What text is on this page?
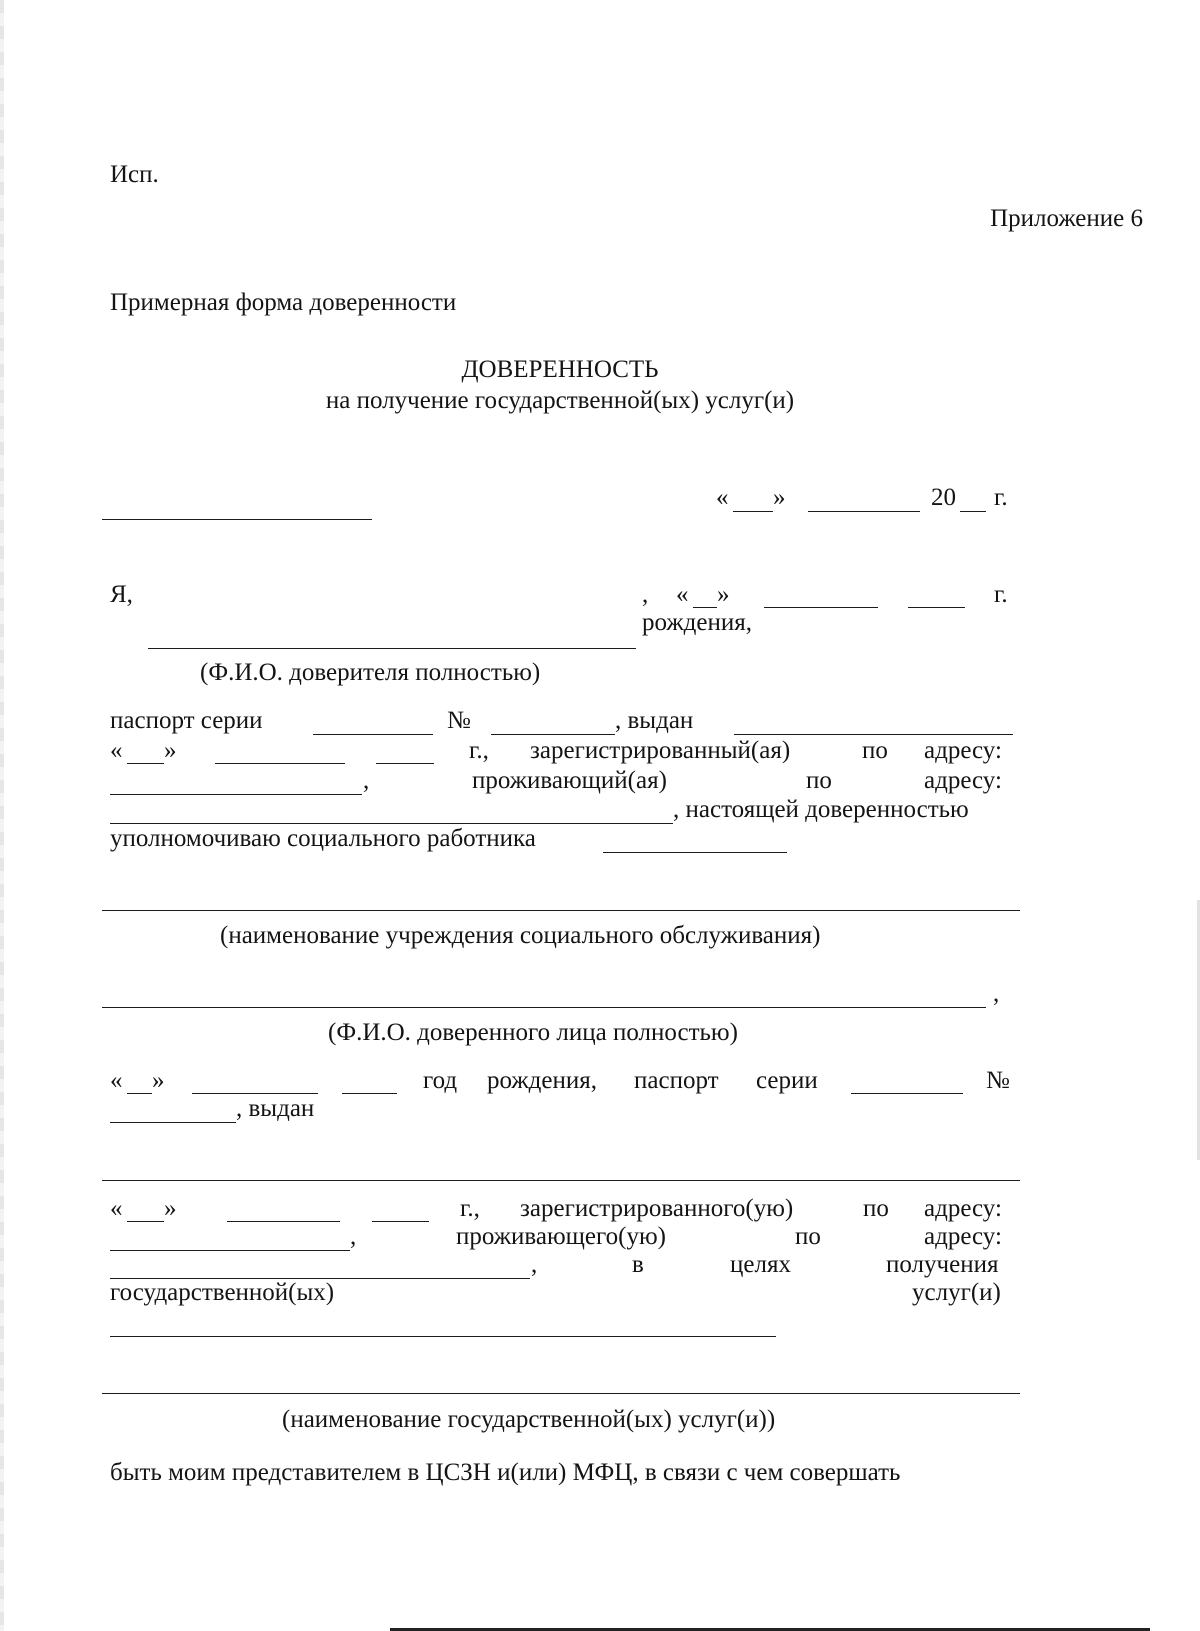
Исп.
Приложение 6
Примерная форма доверенности
ДОВЕРЕННОСТЬ
на получение государственной(ых) услуг(и)
« »	20 г.
Я,	, « »	г.
рождения,
(Ф.И.О. доверителя полностью)
паспорт серии	№	, выдан
« »	г., зарегистрированный(ая)	по адресу:
,	проживающий(ая)	по	адресу:
, настоящей доверенностью
уполномочиваю социального работника
(наименование учреждения социального обслуживания)
,
(Ф.И.О. доверенного лица полностью)
« »	год рождения, паспорт серии	№
, выдан
« »	г., зарегистрированного(ую)	по адресу:
,	проживающего(ую)	по	адресу:
,	в	целях	получения
государственной(ых)	услуг(и)
(наименование государственной(ых) услуг(и))
быть моим представителем в ЦСЗН и(или) МФЦ, в связи с чем совершать
